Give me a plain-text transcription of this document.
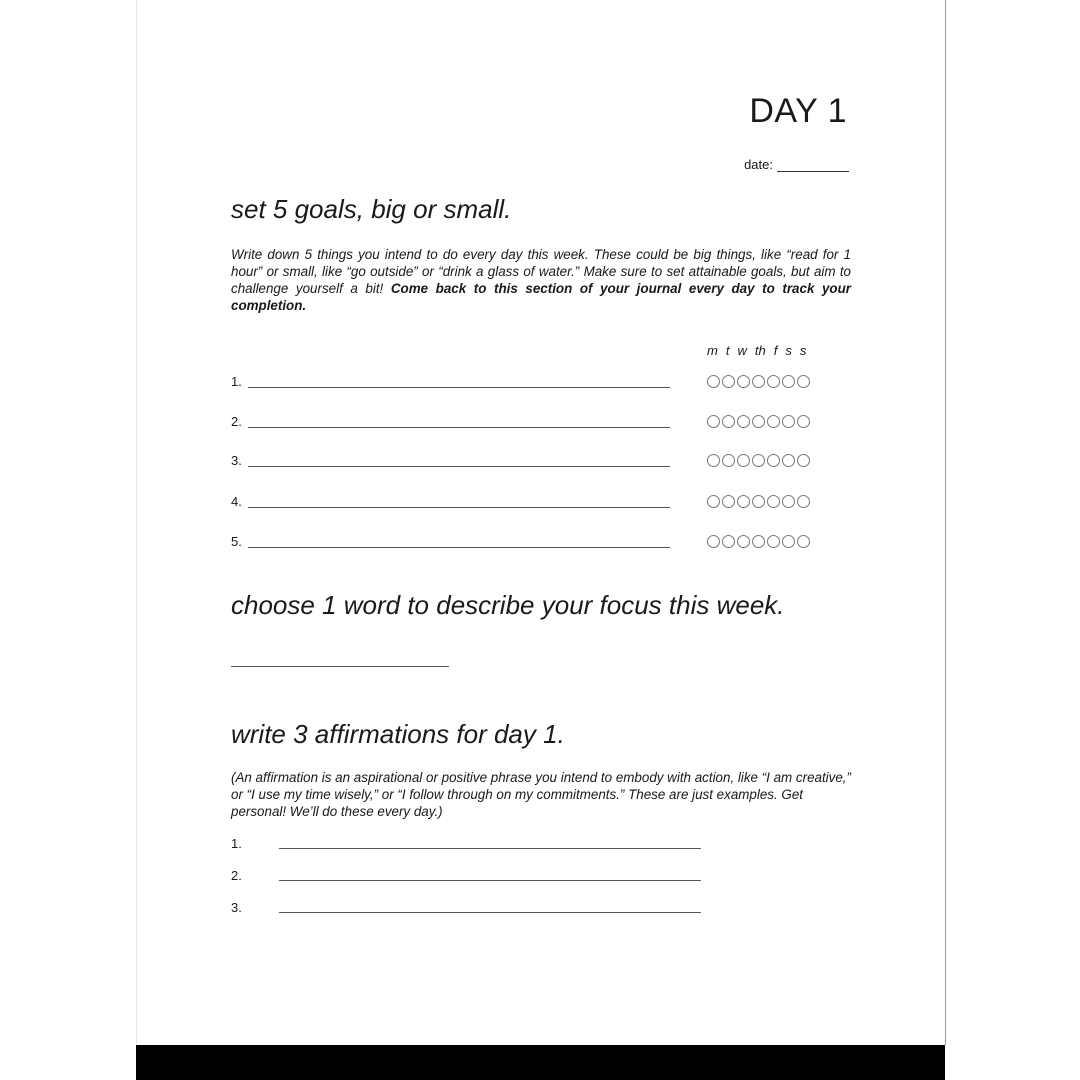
DAY 1
date:
set 5 goals, big or small.
Write down 5 things you intend to do every day this week. These could be big things, like “read for 1 hour” or small, like “go outside” or “drink a glass of water.” Make sure to set attainable goals, but aim to challenge yourself a bit! Come back to this section of your journal every day to track your completion.
m t w th f s s
1.
2.
3.
4.
5.
choose 1 word to describe your focus this week.
write 3 affirmations for day 1.
(An affirmation is an aspirational or positive phrase you intend to embody with action, like “I am creative,” or “I use my time wisely,” or “I follow through on my commitments.” These are just examples. Get personal! We’ll do these every day.)
1.
2.
3.
